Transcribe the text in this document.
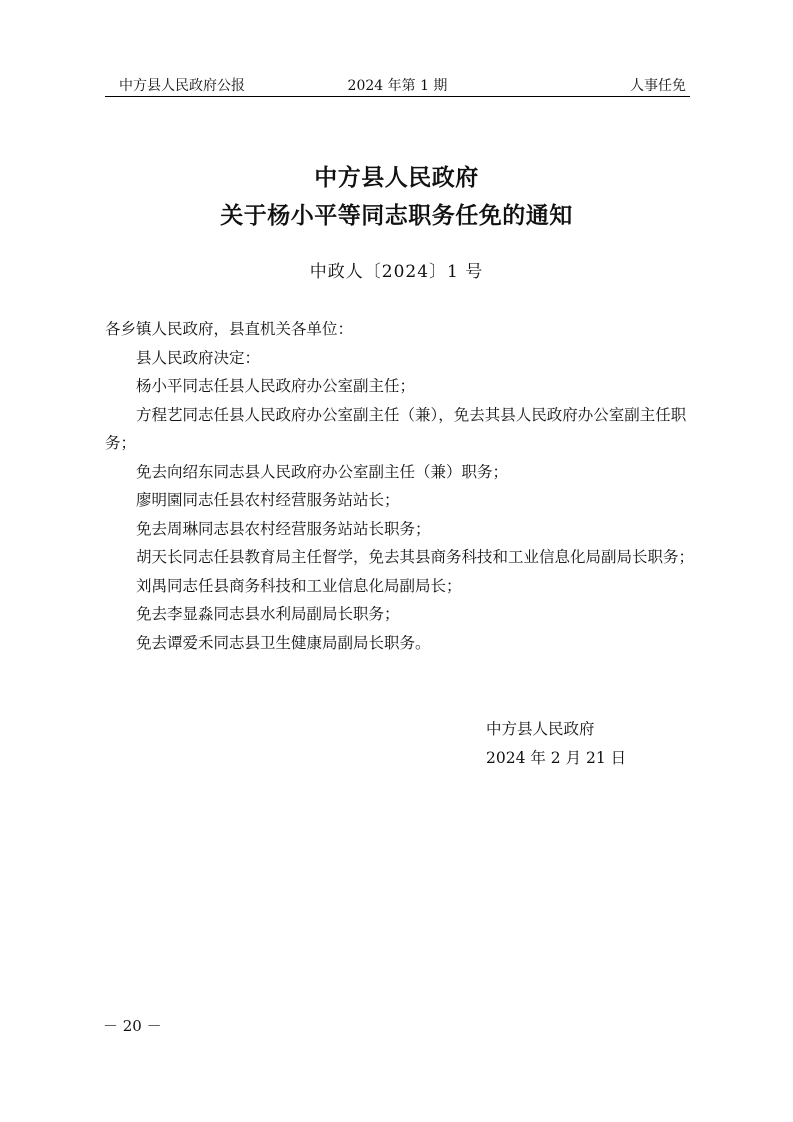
2024 年第 1 期
中方县人民政府公报	人事任免
中方县人民政府
关于杨小平等同志职务任免的通知
中政人〔2024〕1 号

各乡镇人民政府，县直机关各单位：

县人民政府决定：

杨小平同志任县人民政府办公室副主任；

方程艺同志任县人民政府办公室副主任（兼），免去其县人民政府办公室副主任职务；

免去向绍东同志县人民政府办公室副主任（兼）职务；

廖明園同志任县农村经营服务站站长；

免去周琳同志县农村经营服务站站长职务；

胡天长同志任县教育局主任督学，免去其县商务科技和工业信息化局副局长职务；

刘禺同志任县商务科技和工业信息化局副局长；

免去李显淼同志县水利局副局长职务；

免去谭爱禾同志县卫生健康局副局长职务。

中方县人民政府
2024 年 2 月 21 日
－ 20 －
